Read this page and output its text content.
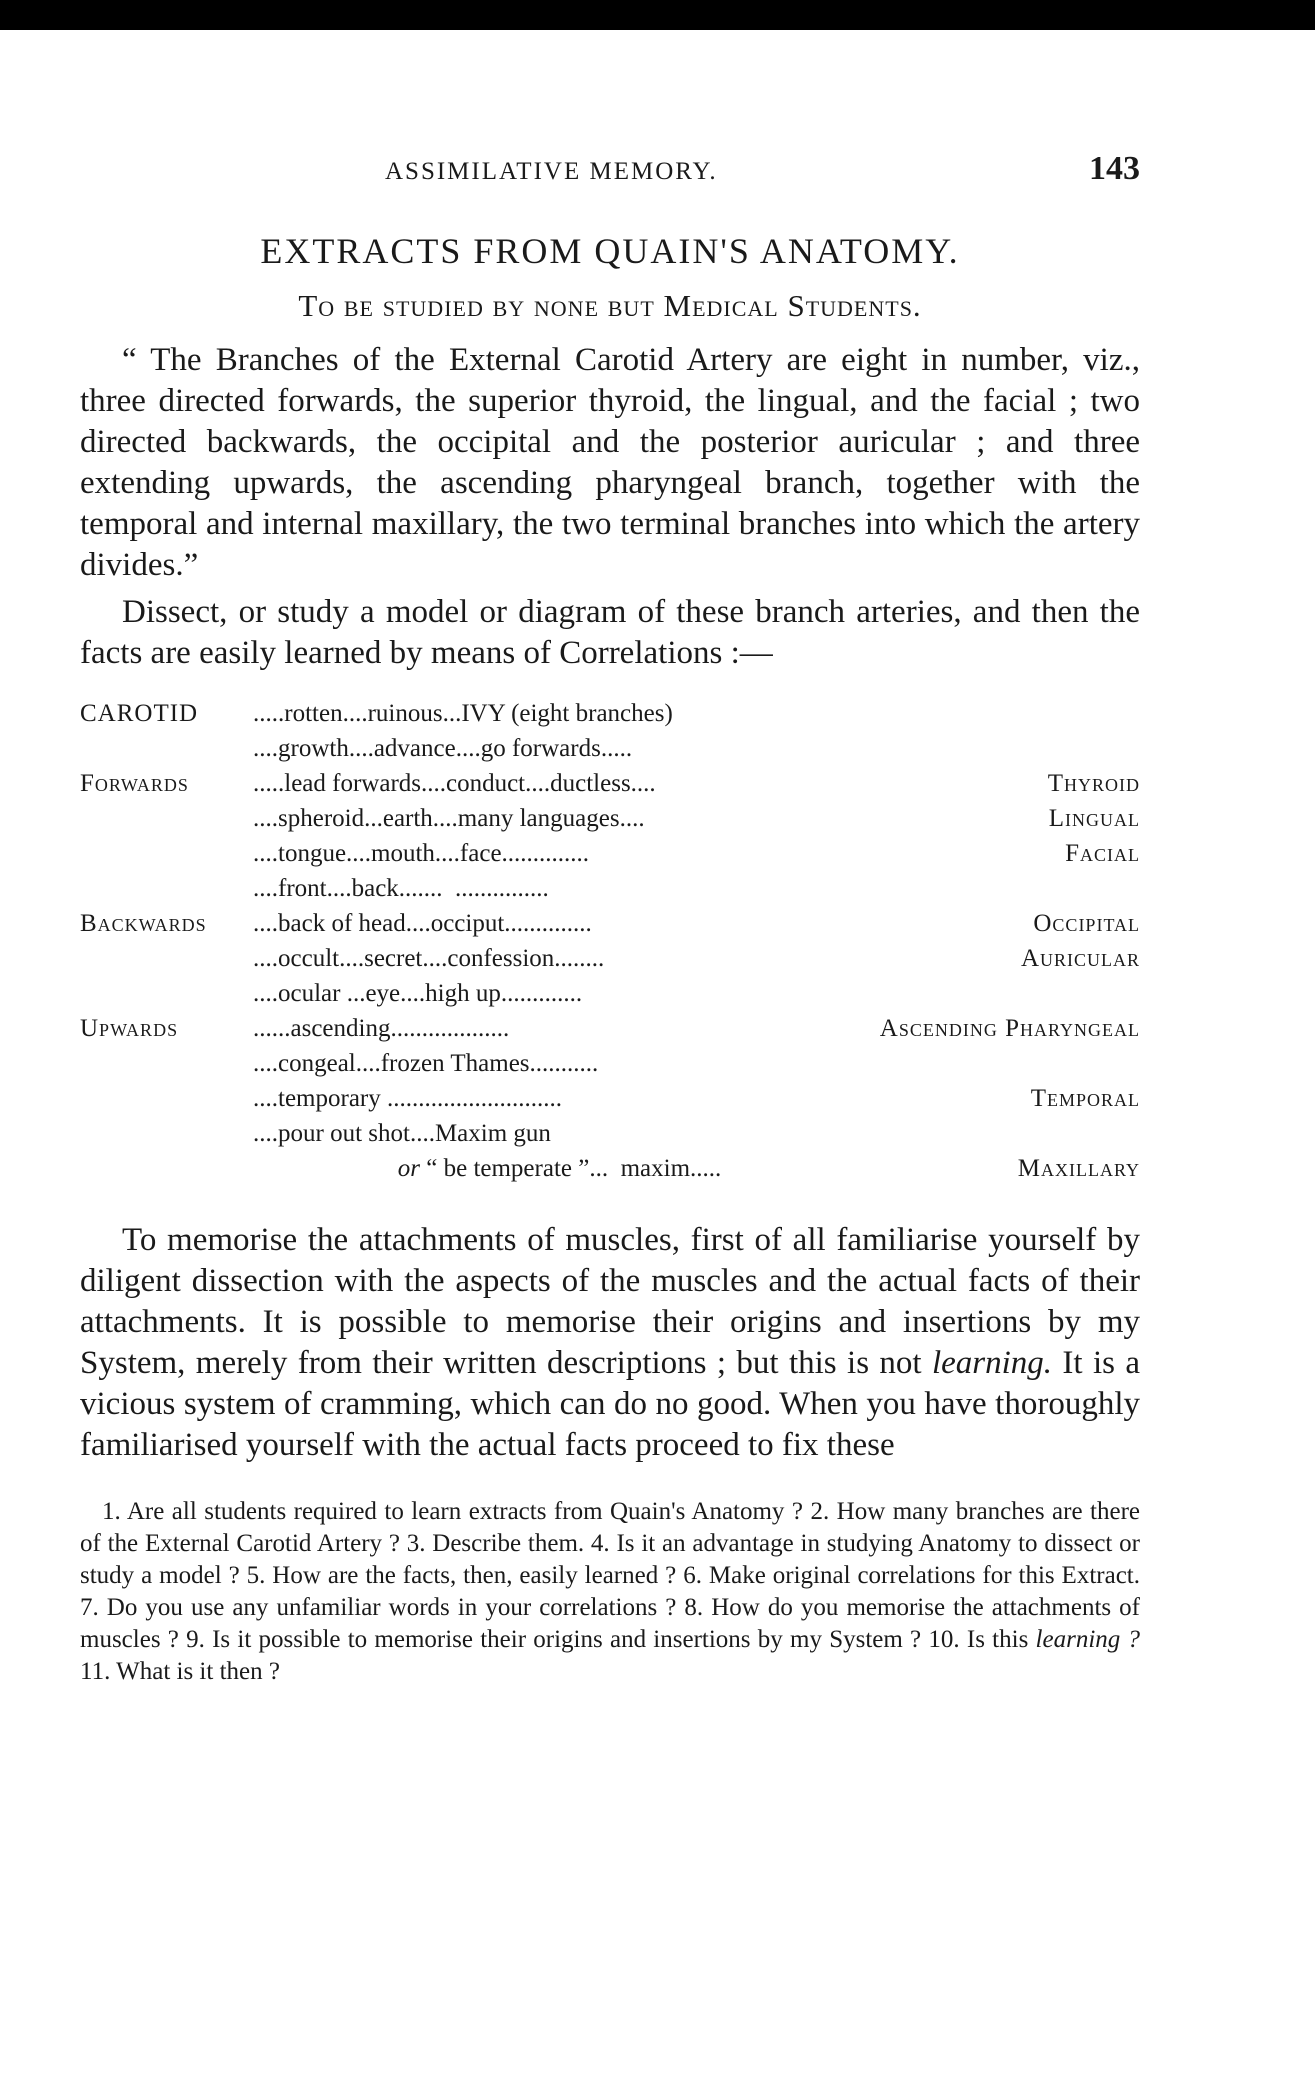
ASSIMILATIVE MEMORY.	143
EXTRACTS FROM QUAIN'S ANATOMY.
To be studied by none but Medical Students.

“ The Branches of the External Carotid Artery are eight in number, viz., three directed forwards, the superior thyroid, the lingual, and the facial ; two directed backwards, the occipital and the posterior auricular ; and three extending upwards, the ascending pharyngeal branch, together with the temporal and internal maxillary, the two terminal branches into which the artery divides.”

Dissect, or study a model or diagram of these branch arteries, and then the facts are easily learned by means of Correlations :—

CAROTID .....rotten....ruinous...IVY (eight branches)
....growth....advance....go forwards.....
Forwards	.....lead forwards....conduct....ductless....	Thyroid
....spheroid...earth....many languages....	Lingual
....tongue....mouth....face..............	Facial
....front....back.......  ...............
Backwards ....back of head....occiput..............	Occipital
....occult....secret....confession........	Auricular
....ocular ...eye....high up.............
Upwards	......ascending...................	Ascending Pharyngeal
....congeal....frozen Thames...........
....temporary ............................	Temporal
....pour out shot....Maxim gun
or “ be temperate ”...  maxim.....	Maxillary

To memorise the attachments of muscles, first of all familiarise yourself by diligent dissection with the aspects of the muscles and the actual facts of their attachments. It is possible to memorise their origins and insertions by my System, merely from their written descriptions ; but this is not learning. It is a vicious system of cramming, which can do no good. When you have thoroughly familiarised yourself with the actual facts proceed to fix these

1. Are all students required to learn extracts from Quain's Anatomy ? 2. How many branches are there of the External Carotid Artery ? 3. Describe them. 4. Is it an advantage in studying Anatomy to dissect or study a model ? 5. How are the facts, then, easily learned ? 6. Make original correlations for this Extract. 7. Do you use any unfamiliar words in your correlations ? 8. How do you memorise the attachments of muscles ? 9. Is it possible to memorise their origins and insertions by my System ? 10. Is this learning ? 11. What is it then ?
